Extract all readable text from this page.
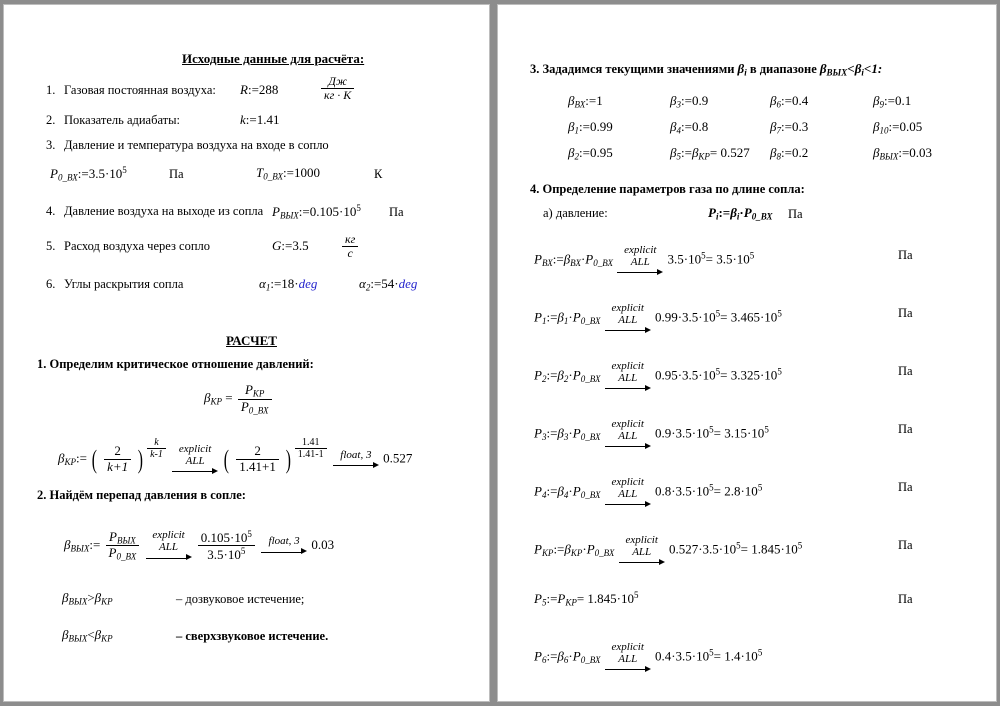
Исходные данные для расчёта:
1. Газовая постоянная воздуха: R:=288	$\frac{Дж}{кг \cdot К}$
2. Показатель адиабаты:	k:=1.41
3. Давление и температура воздуха на входе в сопло
$P_{0\_ВХ}:=3.5\cdot 10^5$	Па	$T_{0\_ВХ}:=1000$	К
4. Давление воздуха на выходе из сопла $P_{ВЫХ}:=0.105\cdot 10^5$ Па
5. Расход воздуха через сопло	G:=3.5	$\frac{кг}{с}$
6. Углы раскрытия сопла	$\alpha_1:=18\cdot deg$	$\alpha_2:=54\cdot deg$
РАСЧЕТ
1. Определим критическое отношение давлений:
$\beta_{КР} = \frac{P_{КР}}{P_{0\_ВХ}}$
$\beta_{КР}:=$ ( $\frac{2}{k+1}$ ) $\frac{k}{k-1}$
	explicit
ALL ( $\frac{2}{1.41+1}$ ) $\frac{1.41}{1.41-1}$
	float, 3 0.527
2. Найдём перепад давления в сопле:
$\beta_{ВЫХ}:= \frac{P_{ВЫХ}}{P_{0\_ВХ}}$
	explicit
ALL
	$\frac{0.105\cdot 10^5}{3.5\cdot 10^5}$
	float, 3 0.03
$\beta_{ВЫХ}>\beta_{КР}$	– дозвуковое истечение;
$\beta_{ВЫХ}<\beta_{КР}$	– сверхзвуковое истечение.
3. Зададимся текущими значениями $\beta_i$ в диапазоне $\beta_{ВЫХ}<\beta_i<1$:
$\beta_{ВХ}:=1$	$\beta_3:=0.9$	$\beta_6:=0.4$	$\beta_9:=0.1$
$\beta_1:=0.99$	$\beta_4:=0.8$	$\beta_7:=0.3$	$\beta_{10}:=0.05$
$\beta_2:=0.95$	$\beta_5:=\beta_{КР}= 0.527$ $\beta_8:=0.2$	$\beta_{ВЫХ}:=0.03$
4. Определение параметров газа по длине сопла:
а) давление:	$P_i:=\beta_i\cdot P_{0\_ВХ}$ Па
$P_{ВХ}:=\beta_{ВХ}\cdot P_{0\_ВХ}$
explicit
ALL	$3.5\cdot 10^5= 3.5\cdot 10^5$	Па
$P_1:=\beta_1\cdot P_{0\_ВХ}$
explicit
ALL	$0.99\cdot 3.5\cdot 10^5= 3.465\cdot 10^5$	Па
$P_2:=\beta_2\cdot P_{0\_ВХ}$
explicit
ALL	$0.95\cdot 3.5\cdot 10^5= 3.325\cdot 10^5$	Па
$P_3:=\beta_3\cdot P_{0\_ВХ}$
explicit
ALL	$0.9\cdot 3.5\cdot 10^5= 3.15\cdot 10^5$	Па
$P_4:=\beta_4\cdot P_{0\_ВХ}$
explicit
ALL	$0.8\cdot 3.5\cdot 10^5= 2.8\cdot 10^5$	Па
$P_{КР}:=\beta_{КР}\cdot P_{0\_ВХ}$
explicit
ALL	$0.527\cdot 3.5\cdot 10^5= 1.845\cdot 10^5$	Па
$P_5:=P_{КР}= 1.845\cdot 10^5$	Па
$P_6:=\beta_6\cdot P_{0\_ВХ}$
explicit
ALL	$0.4\cdot 3.5\cdot 10^5= 1.4\cdot 10^5$
